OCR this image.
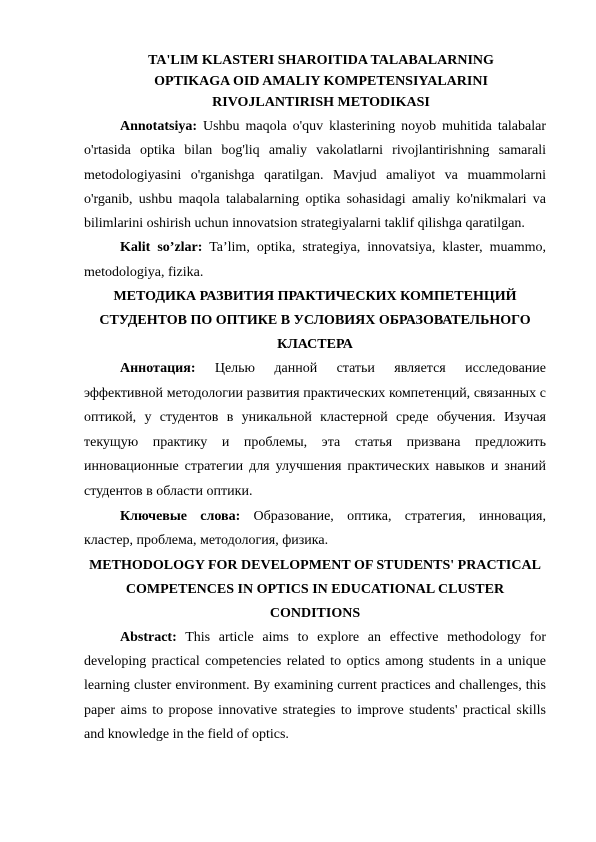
TA'LIM KLASTERI SHAROITIDA TALABALARNING OPTIKAGA OID AMALIY KOMPETENSIYALARINI RIVOJLANTIRISH METODIKASI

Annotatsiya: Ushbu maqola o'quv klasterining noyob muhitida talabalar o'rtasida optika bilan bog'liq amaliy vakolatlarni rivojlantirishning samarali metodologiyasini o'rganishga qaratilgan. Mavjud amaliyot va muammolarni o'rganib, ushbu maqola talabalarning optika sohasidagi amaliy ko'nikmalari va bilimlarini oshirish uchun innovatsion strategiyalarni taklif qilishga qaratilgan.

Kalit so’zlar: Ta’lim, optika, strategiya, innovatsiya, klaster, muammo, metodologiya, fizika.

МЕТОДИКА РАЗВИТИЯ ПРАКТИЧЕСКИХ КОМПЕТЕНЦИЙ СТУДЕНТОВ ПО ОПТИКЕ В УСЛОВИЯХ ОБРАЗОВАТЕЛЬНОГО КЛАСТЕРА

Аннотация: Целью данной статьи является исследование эффективной методологии развития практических компетенций, связанных с оптикой, у студентов в уникальной кластерной среде обучения. Изучая текущую практику и проблемы, эта статья призвана предложить инновационные стратегии для улучшения практических навыков и знаний студентов в области оптики.

Ключевые слова: Образование, оптика, стратегия, инновация, кластер, проблема, методология, физика.

METHODOLOGY FOR DEVELOPMENT OF STUDENTS' PRACTICAL COMPETENCES IN OPTICS IN EDUCATIONAL CLUSTER CONDITIONS

Abstract: This article aims to explore an effective methodology for developing practical competencies related to optics among students in a unique learning cluster environment. By examining current practices and challenges, this paper aims to propose innovative strategies to improve students' practical skills and knowledge in the field of optics.
